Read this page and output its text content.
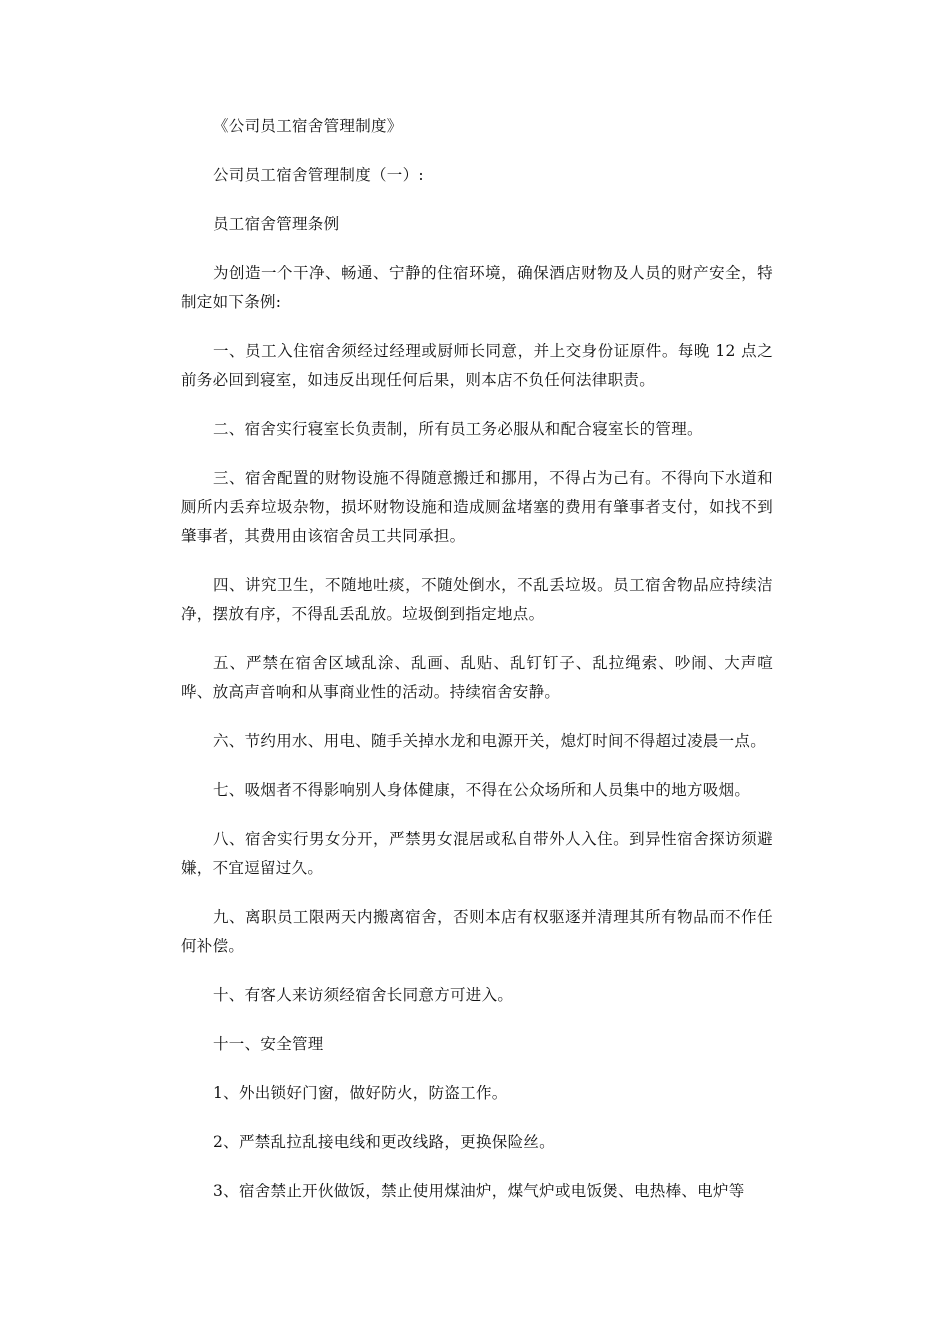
《公司员工宿舍管理制度》

公司员工宿舍管理制度（一）:

员工宿舍管理条例

为创造一个干净、畅通、宁静的住宿环境，确保酒店财物及人员的财产安全，特制定如下条例:

一、员工入住宿舍须经过经理或厨师长同意，并上交身份证原件。每晚 12 点之前务必回到寝室，如违反出现任何后果，则本店不负任何法律职责。

二、宿舍实行寝室长负责制，所有员工务必服从和配合寝室长的管理。

三、宿舍配置的财物设施不得随意搬迁和挪用，不得占为己有。不得向下水道和厕所内丢弃垃圾杂物，损坏财物设施和造成厕盆堵塞的费用有肇事者支付，如找不到肇事者，其费用由该宿舍员工共同承担。

四、讲究卫生，不随地吐痰，不随处倒水，不乱丢垃圾。员工宿舍物品应持续洁净，摆放有序，不得乱丢乱放。垃圾倒到指定地点。

五、严禁在宿舍区域乱涂、乱画、乱贴、乱钉钉子、乱拉绳索、吵闹、大声喧哗、放高声音响和从事商业性的活动。持续宿舍安静。

六、节约用水、用电、随手关掉水龙和电源开关，熄灯时间不得超过凌晨一点。

七、吸烟者不得影响别人身体健康，不得在公众场所和人员集中的地方吸烟。

八、宿舍实行男女分开，严禁男女混居或私自带外人入住。到异性宿舍探访须避嫌，不宜逗留过久。

九、离职员工限两天内搬离宿舍，否则本店有权驱逐并清理其所有物品而不作任何补偿。

十、有客人来访须经宿舍长同意方可进入。

十一、安全管理

1、外出锁好门窗，做好防火，防盗工作。

2、严禁乱拉乱接电线和更改线路，更换保险丝。

3、宿舍禁止开伙做饭，禁止使用煤油炉，煤气炉或电饭煲、电热棒、电炉等
